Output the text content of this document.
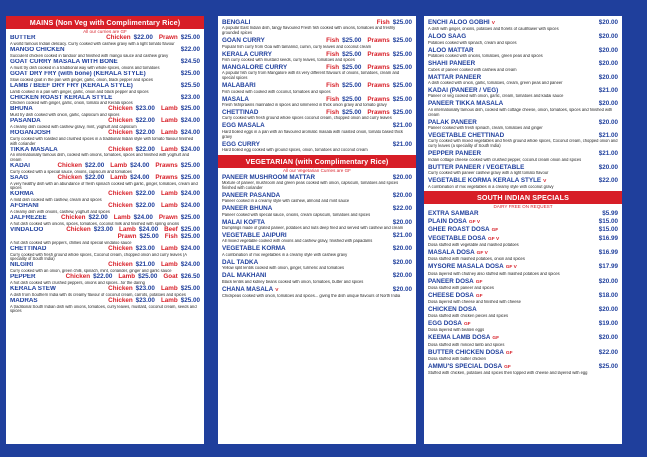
MAINS (Non Veg with Complimentary Rice)
All our curries are GF
BUTTER	Chicken $22.00 Prawn $25.00
A world famous Indian delicacy. Curry cooked with cashew gravy with a light tomato flavour
MANGO CHICKEN	$22.00
Succulent chicken cooked in tandoor and finished with mango sauce and cashew gravy
GOAT CURRY MASALA WITH BONE	$24.50
A must try dish cooked in a traditional way with whole spices, onions and tomatoes
GOAT DRY FRY (with bone) (KERALA STYLE)	$25.00
Slow cooked goat in the pan with ginger, garlic, onion, black pepper and spices
LAMB / BEEF DRY FRY (KERALA STYLE)	$25.50
Lamb cooked in a pan with ginger, garlic, onion and black pepper and spices
CHICKEN ROAST KERALA STYLE	$23.00
Chicken cooked with ginger, garlic, onion, tomato and Kerala spices
BHUNA	Chicken $23.00 Lamb $25.00
Must try dish cooked with onion, garlic, capsicum and spices
PASANDA	Chicken $22.00 Lamb $24.00
A creamy dish cooked with cashew gravy, mint, yoghurt and capsicum
ROGANJOSH	Chicken $22.00 Lamb $24.00
Curry cooked with roasted and crushed spices in a traditional Indian style with tomato flavour finished with coriander
TIKKA MASALA	Chicken $22.00 Lamb $24.00
An internationally famous dish, cooked with onions, tomatoes, spices and finished with yoghurt and cream
KADAI	Chicken $22.00 Lamb $24.00 Prawns $25.00
Curry cooked with a special sauce, onions, capsicum and tomatoes
SAAG	Chicken $22.00 Lamb $24.00 Prawns $25.00
A very healthy dish with an abundance of fresh spinach cooked with garlic, ginger, tomatoes, cream and spices
KORMA	Chicken $22.00 Lamb $24.00
A mild dish cooked with cashew, cream and spices
AFGHANI	Chicken $22.00 Lamb $24.00
A creamy dish with onions, cashew, yoghurt and spices
JALFREZEE	Chicken $22.00 Lamb $24.00 Prawn $25.00
A hot dish cooked with onions, spices, tomatoes, coconut milk and finished with spring onions
VINDALOO	Chicken $23.00 Lamb $24.00 Beef $25.00
Prawn $25.00 Fish $25.00
A hot dish cooked with peppers, chillies and special vindaloo sauce
CHETTINAD	Chicken $23.00 Lamb $24.00
Curry cooked with fresh ground whole spices, Coconut cream, chopped onion and curry leaves (A speciality of South India)
NILGIRI	Chicken $21.00 Lamb $24.00
Curry cooked with an onion, green chilli, spinach, mint, coriander, ginger and garlic sauce
PEPPER	Chicken $22.00 Lamb $25.00 Goat $26.50
A hot dish cooked with crushed peppers, onions and spices...for the daring
KERALA STEW	Chicken $23.00 Lamb $25.00
A dish from Southern India with its creamy flavour of coconut cream, carrots, potatoes and spices
MADRAS	Chicken $23.00 Lamb $25.00
A traditional South Indian dish with onions, tomatoes, curry leaves, mustard, coconut cream, seeds and spices
BENGALI	Fish $25.00
A popular East Indian dish, tangy flavoured Fresh fish cooked with onions, tomatoes and freshly grounded spices
GOAN CURRY	Fish $25.00 Prawns $25.00
Popular fish curry from Goa with tamarind, cumin, curry leaves and coconut cream
KERALA CURRY	Fish $25.00 Prawns $25.00
Fish curry cooked with mustard seeds, curry leaves, tomatoes and spices
MANGALORE CURRY	Fish $25.00 Prawns $25.00
A popular fish curry from Mangalore with its very different flavours of onions, tomatoes, cream and special spices
MALABARI	Fish $25.00 Prawns $25.00
Fish cooked with cooked with coconut, tomatoes and spices
MASALA	Fish $25.00 Prawns $25.00
Fresh fish/prawns marinated in spices and simmered in thick onion gravy and tomato gravy
CHETTINAD	Fish $25.00 Prawns $25.00
Curry cooked with fresh ground whole spices coconut cream, chopped onion and curry leaves
EGG MASALA	$21.00
Hard boiled eggs in a pan with an flavoured aromatic masala with roasted onion, tomato based thick gravy
EGG CURRY	$21.00
Hard boiled egg cooked with ground spices, onion, tomatoes and coconut cream
VEGETARIAN (with Complimentary Rice)
All our Vegetarian Curries are GF
PANEER MUSHROOM MATTAR	$20.00
Mixture of paneer, mushroom and green peas cooked with onion, capsicum, tomatoes and spices finished with coriander
PANEER PASANDA	$20.00
Paneer cooked in a creamy style with cashew, almond and mint sauce
PANEER BHUNA	$22.00
Paneer cooked with special sauce, onions, cream capsicum, tomatoes and spices
MALAI KOFTA	$20.00
Dumplings made of grated paneer, potatoes and nuts deep fried and served with cashew and cream
VEGETABLE JAIPURI	$21.00
All mixed vegetable cooked with onions and cashew gravy, finished with papadams
VEGETABLE KORMA	$20.00
A combination of mix vegetables in a creamy style with cashew gravy
DAL TADKA	$20.00
Yellow split lentils cooked with onion, ginger, turmeric and tomatoes
DAL MAKHANI	$20.00
Black lentils and kidney beans cooked with onion, tomatoes, butter and spices
CHANA MASALA V	$20.00
Chickpeas cooked with onion, tomatoes and spices... giving the dish unique flavours of North India
ENCHI ALOO GOBHI V	$20.00
A dish with ginger, onions, potatoes and florets of cauliflower with spices
ALOO SAAG	$20.00
Potatoes cooked with spinach, cream and spices
ALOO MATTAR	$20.00
Potatoes cooked with onions, tomatoes, green peas and spices
SHAHI PANEER	$20.00
Cubes of paneer cooked with cashew and cream
MATTAR PANEER	$20.00
A dish cooked with onion, garlic, tomatoes, cream, green peas and paneer
KADAI (PANEER / VEG)	$21.00
Paneer or veg cooked with onion, garlic, cream, tomatoes and kadai sauce
PANEER TIKKA MASALA	$20.00
An internationally famous dish, cooked with cottage cheese, onion, tomatoes, spices and finished with cream
PALAK PANEER	$20.00
Paneer cooked with fresh spinach, cream, tomatoes and ginger
VEGETABLE CHETTINAD	$21.00
Curry cooked with mixed vegetables and fresh ground whole spices, Coconut cream, chopped onion and curry leaves (a speciality of South India)
PEPPER PANEER	$21.00
Indian cottage cheese cooked with crushed pepper, coconut cream onion and spices
BUTTER PANEER / VEGETABLE	$20.00
Curry cooked with paneer cashew gravy with a light tomato flavour
VEGETABLE KORMA KERALA STYLE V	$22.00
A combination of mix vegetables in a creamy style with coconut gravy
SOUTH INDIAN SPECIALS
DAIRY FREE ON REQUEST
EXTRA SAMBAR	$5.99
PLAIN DOSA GF V	$15.00
GHEE ROAST DOSA GF	$15.00
VEGETABLE DOSA GF V	$16.99
Dosa stuffed with vegetable and mashed potatoes
MASALA DOSA GF V	$16.99
Dosa stuffed with mashed potatoes, onion and spices
MYSORE MASALA DOSA GF V	$17.99
Dosa layered with chutney also stuffed with mashed potatoes and spices
PANEER DOSA GF	$20.00
Dosa stuffed with paneer and spices
CHEESE DOSA GF	$18.00
Dosa layered with cheese and finished with cheese
CHICKEN DOSA	$20.00
Dosa stuffed with chicken pieces and spices
EGG DOSA GF	$19.00
Dosa layered with beaten eggs
KEEMA LAMB DOSA GF	$20.00
Dosa stuffed with minced lamb and spices
BUTTER CHICKEN DOSA GF	$22.00
Dosa stuffed with butter chicken
AMMU'S SPECIAL DOSA GF	$25.00
Stuffed with chicken, potatoes and spices then topped with cheese and layered with egg
